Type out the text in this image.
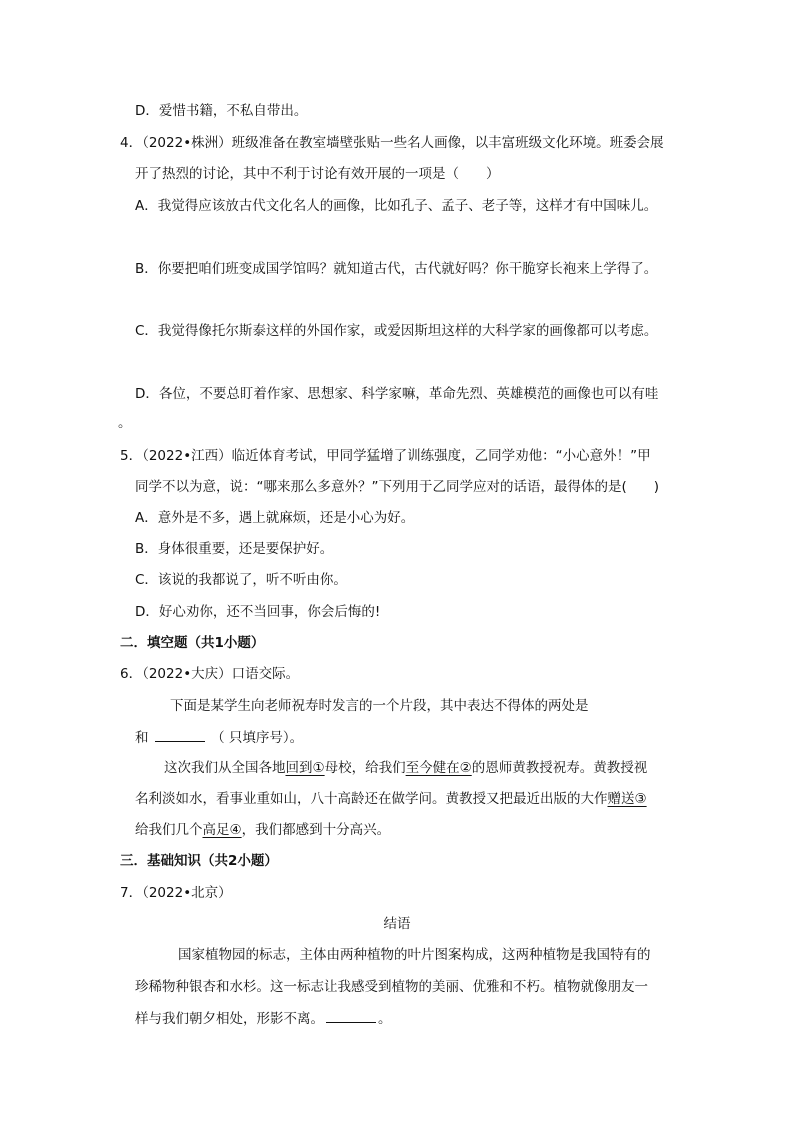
D．爱惜书籍，不私自带出。
4．（2022•株洲）班级准备在教室墙壁张贴一些名人画像，以丰富班级文化环境。班委会展
开了热烈的讨论，其中不利于讨论有效开展的一项是（　　）
A．我觉得应该放古代文化名人的画像，比如孔子、孟子、老子等，这样才有中国味儿。
B．你要把咱们班变成国学馆吗？就知道古代，古代就好吗？你干脆穿长袍来上学得了。
C．我觉得像托尔斯泰这样的外国作家，或爱因斯坦这样的大科学家的画像都可以考虑。
D．各位，不要总盯着作家、思想家、科学家嘛，革命先烈、英雄模范的画像也可以有哇
。
5．（2022•江西）临近体育考试，甲同学猛增了训练强度，乙同学劝他：“小心意外！”甲
同学不以为意，说：“哪来那么多意外？”下列用于乙同学应对的话语，最得体的是(　　)
A．意外是不多，遇上就麻烦，还是小心为好。
B．身体很重要，还是要保护好。
C．该说的我都说了，听不听由你。
D．好心劝你，还不当回事，你会后悔的!
二．填空题（共1小题）
6．（2022•大庆）口语交际。
下面是某学生向老师祝寿时发言的一个片段，其中表达不得体的两处是
和	（ 只填序号）。
这次我们从全国各地回到①母校，给我们至今健在②的恩师黄教授祝寿。黄教授视
名利淡如水，看事业重如山，八十高龄还在做学问。黄教授又把最近出版的大作赠送③
给我们几个高足④，我们都感到十分高兴。
三．基础知识（共2小题）
7．（2022•北京）
结语
国家植物园的标志，主体由两种植物的叶片图案构成，这两种植物是我国特有的
珍稀物种银杏和水杉。这一标志让我感受到植物的美丽、优雅和不朽。植物就像朋友一
样与我们朝夕相处，形影不离。	。
